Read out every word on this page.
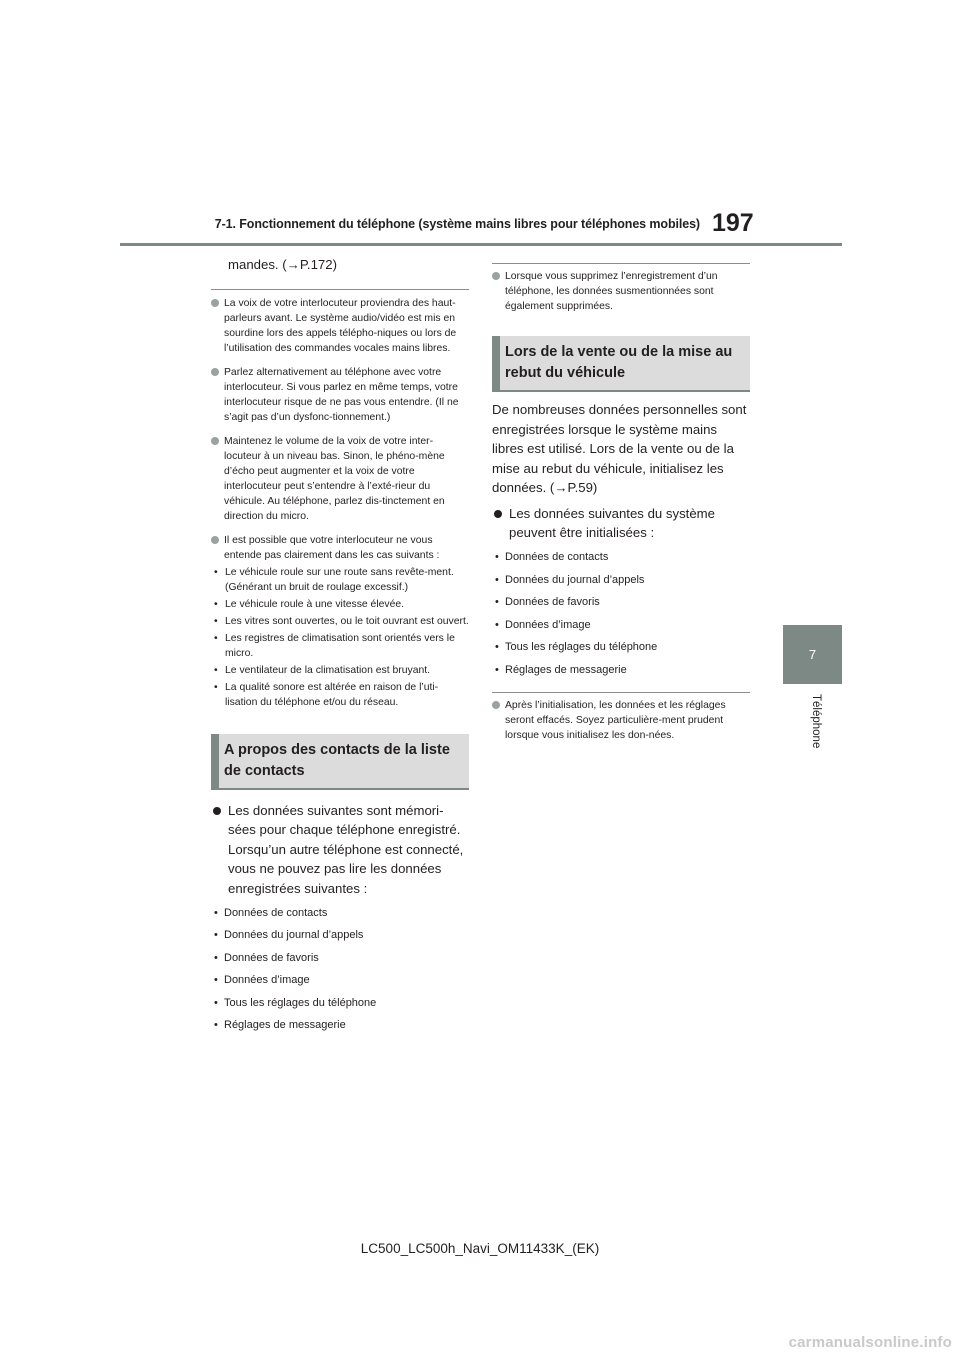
7-1. Fonctionnement du téléphone (système mains libres pour téléphones mobiles) 197
7
Téléphone
mandes. (→P.172)
La voix de votre interlocuteur proviendra des haut-parleurs avant. Le système audio/vidéo est mis en sourdine lors des appels télépho-niques ou lors de l’utilisation des commandes vocales mains libres.
Parlez alternativement au téléphone avec votre interlocuteur. Si vous parlez en même temps, votre interlocuteur risque de ne pas vous entendre. (Il ne s’agit pas d’un dysfonc-tionnement.)
Maintenez le volume de la voix de votre inter-locuteur à un niveau bas. Sinon, le phéno-mène d’écho peut augmenter et la voix de votre interlocuteur peut s’entendre à l’exté-rieur du véhicule. Au téléphone, parlez dis-tinctement en direction du micro.
Il est possible que votre interlocuteur ne vous entende pas clairement dans les cas suivants :
• Le véhicule roule sur une route sans revête-ment. (Générant un bruit de roulage excessif.)
• Le véhicule roule à une vitesse élevée.
• Les vitres sont ouvertes, ou le toit ouvrant est ouvert.
• Les registres de climatisation sont orientés vers le micro.
• Le ventilateur de la climatisation est bruyant.
• La qualité sonore est altérée en raison de l’uti-lisation du téléphone et/ou du réseau.
A propos des contacts de la liste de contacts
Les données suivantes sont mémori-sées pour chaque téléphone enregistré. Lorsqu’un autre téléphone est connecté, vous ne pouvez pas lire les données enregistrées suivantes :
• Données de contacts
• Données du journal d’appels
• Données de favoris
• Données d’image
• Tous les réglages du téléphone
• Réglages de messagerie
Lorsque vous supprimez l’enregistrement d’un téléphone, les données susmentionnées sont également supprimées.
Lors de la vente ou de la mise au rebut du véhicule
De nombreuses données personnelles sont enregistrées lorsque le système mains libres est utilisé. Lors de la vente ou de la mise au rebut du véhicule, initialisez les données. (→P.59)
Les données suivantes du système peuvent être initialisées :
• Données de contacts
• Données du journal d’appels
• Données de favoris
• Données d’image
• Tous les réglages du téléphone
• Réglages de messagerie
Après l’initialisation, les données et les réglages seront effacés. Soyez particulière-ment prudent lorsque vous initialisez les don-nées.
LC500_LC500h_Navi_OM11433K_(EK)
carmanualsonline.info
